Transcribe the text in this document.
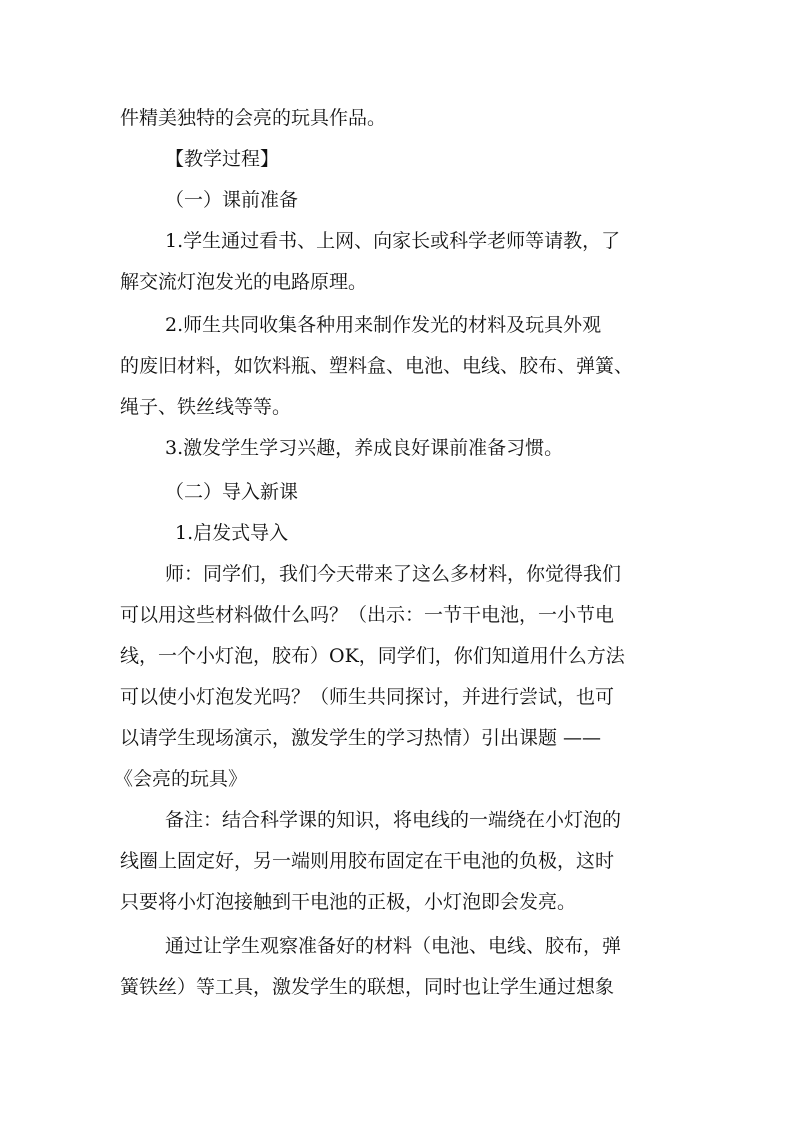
件精美独特的会亮的玩具作品。
【教学过程】
（一）课前准备
1.学生通过看书、上网、向家长或科学老师等请教，了
解交流灯泡发光的电路原理。
2.师生共同收集各种用来制作发光的材料及玩具外观
的废旧材料，如饮料瓶、塑料盒、电池、电线、胶布、弹簧、
绳子、铁丝线等等。
3.激发学生学习兴趣，养成良好课前准备习惯。
（二）导入新课
1.启发式导入
师：同学们，我们今天带来了这么多材料，你觉得我们
可以用这些材料做什么吗？（出示：一节干电池，一小节电
线，一个小灯泡，胶布）OK，同学们，你们知道用什么方法
可以使小灯泡发光吗？（师生共同探讨，并进行尝试，也可
以请学生现场演示，激发学生的学习热情）引出课题 ——
《会亮的玩具》
备注：结合科学课的知识，将电线的一端绕在小灯泡的
线圈上固定好，另一端则用胶布固定在干电池的负极，这时
只要将小灯泡接触到干电池的正极，小灯泡即会发亮。
通过让学生观察准备好的材料（电池、电线、胶布，弹
簧铁丝）等工具，激发学生的联想，同时也让学生通过想象
